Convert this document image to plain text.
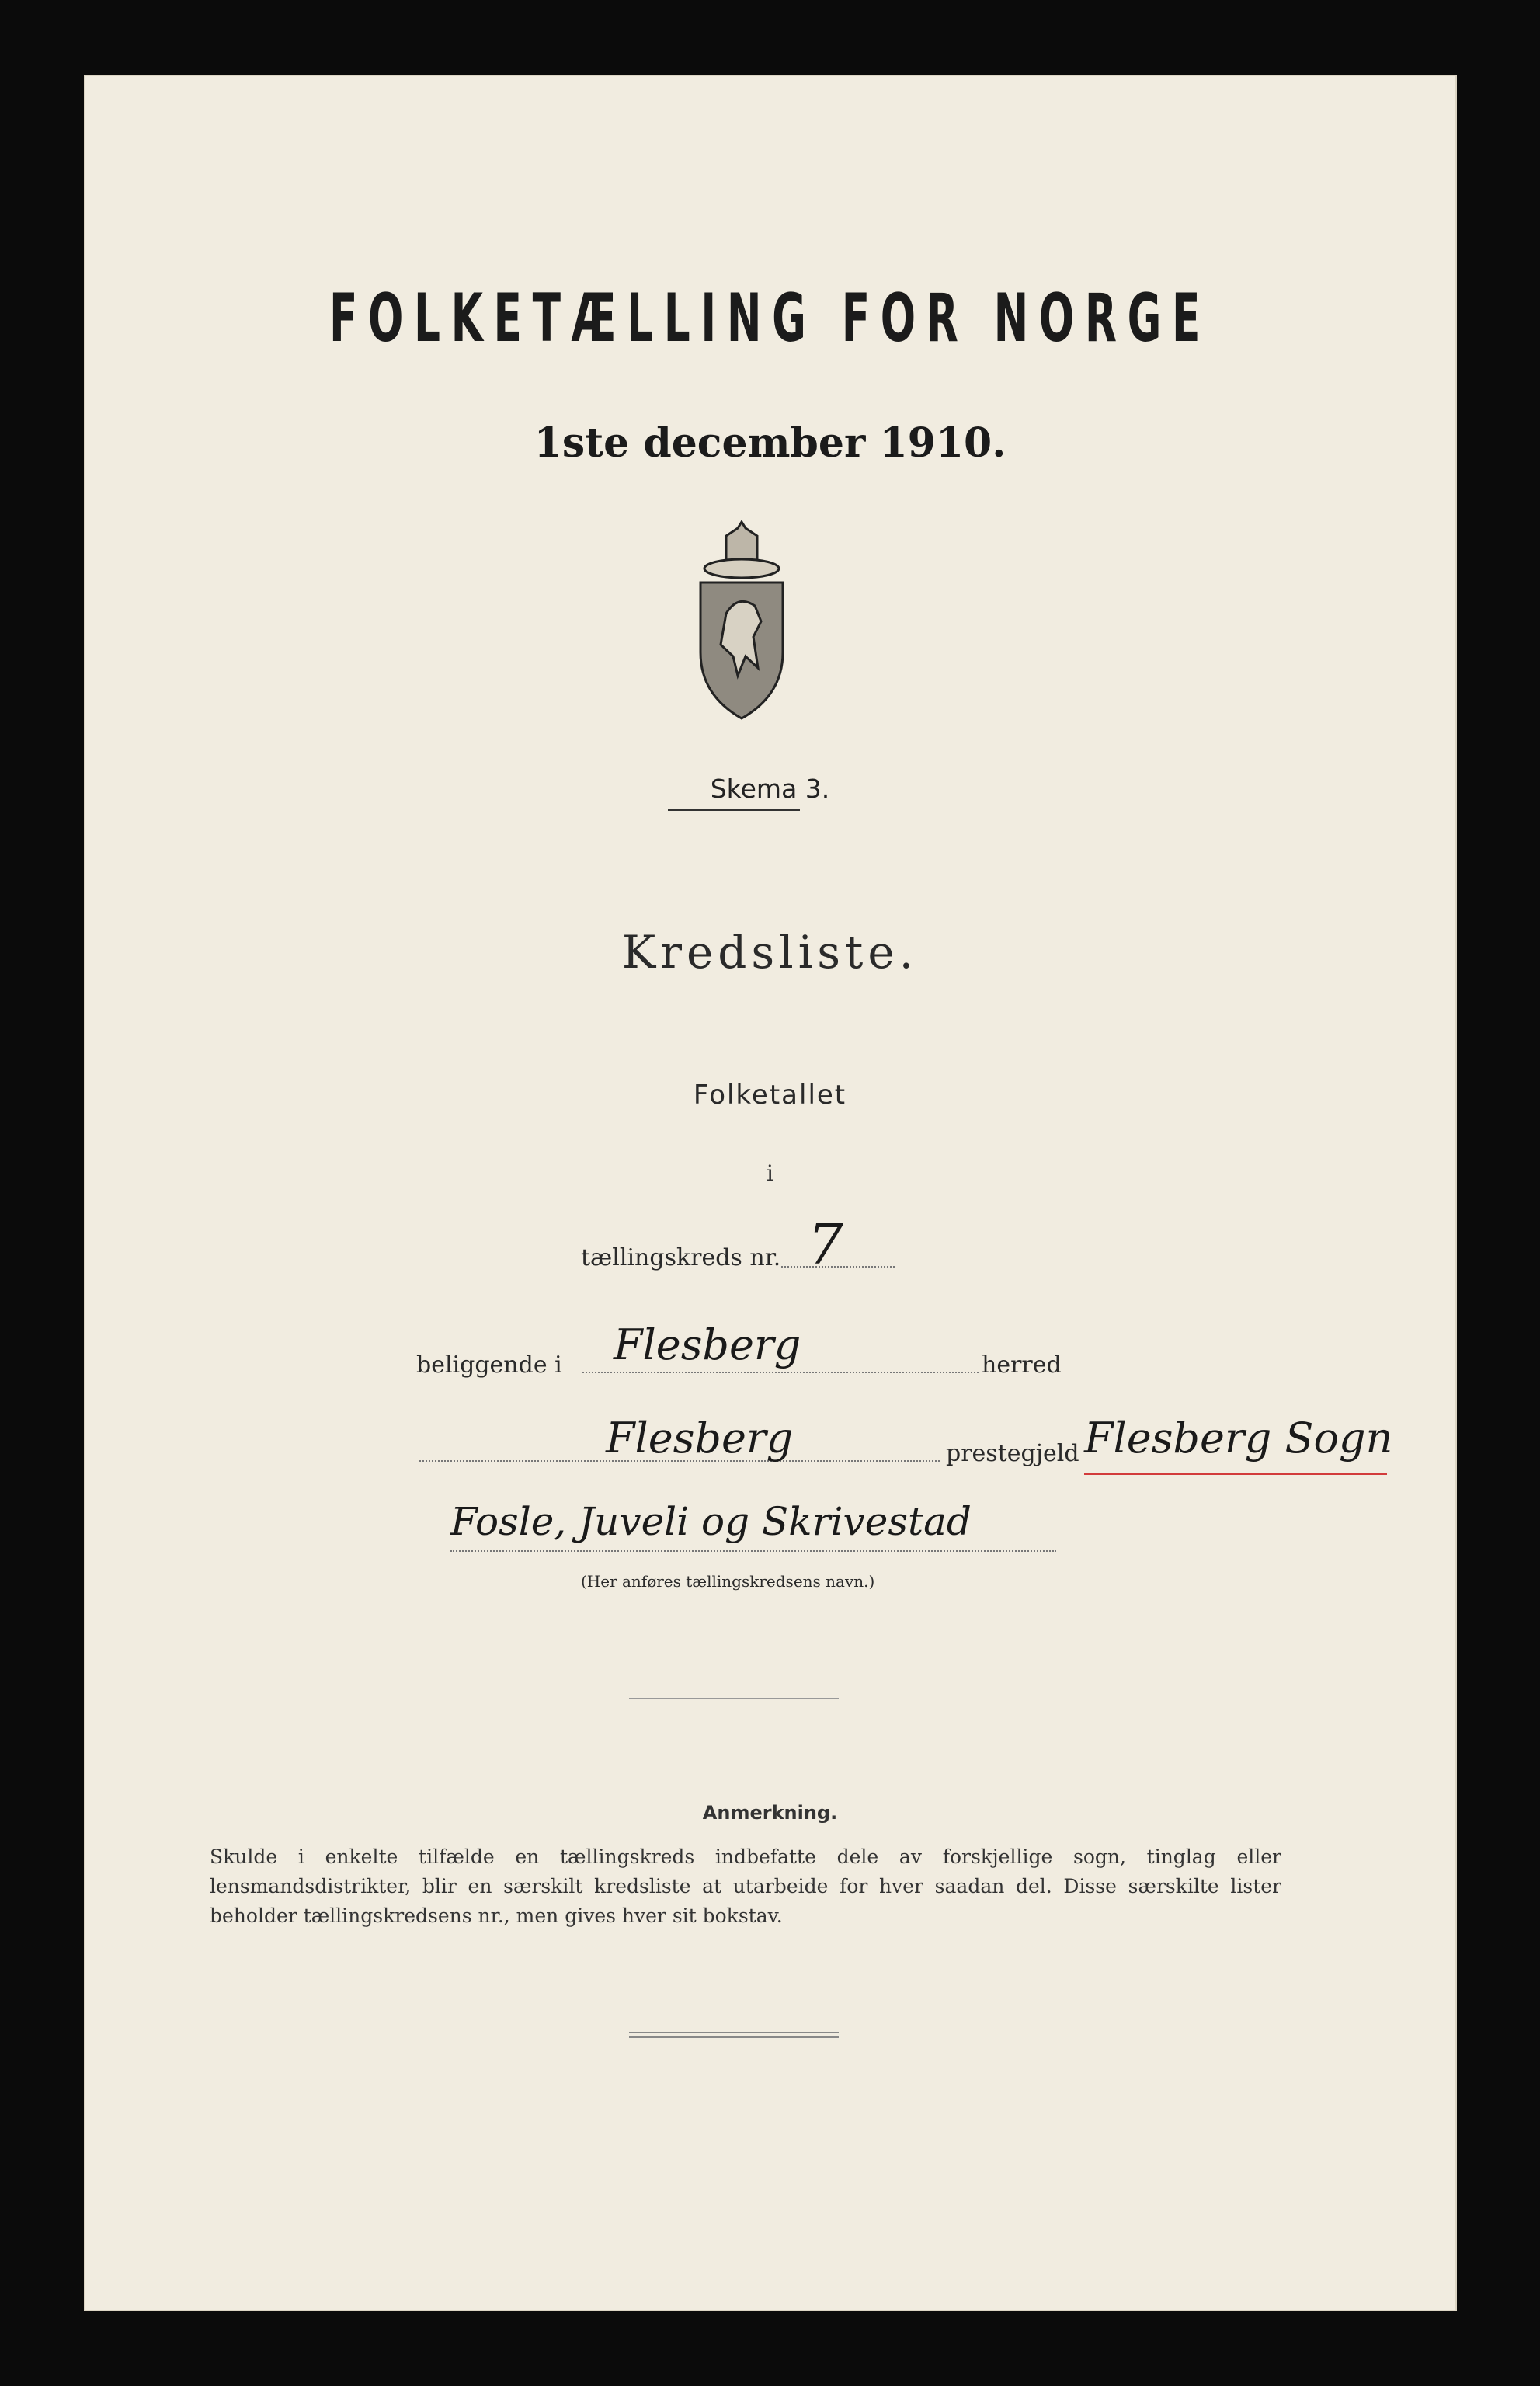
FOLKETÆLLING FOR NORGE
1ste december 1910.
Skema 3.
Kredsliste.
Folketallet
i
tællingskreds nr. 7
beliggende i Flesberg	herred
Flesberg	prestegjeld Flesberg Sogn
Fosle, Juveli og Skrivestad
(Her anføres tællingskredsens navn.)
Anmerkning.
Skulde i enkelte tilfælde en tællingskreds indbefatte dele av forskjellige sogn, tinglag eller lensmandsdistrikter, blir en særskilt kredsliste at utarbeide for hver saadan del. Disse særskilte lister beholder tællingskredsens nr., men gives hver sit bokstav.
